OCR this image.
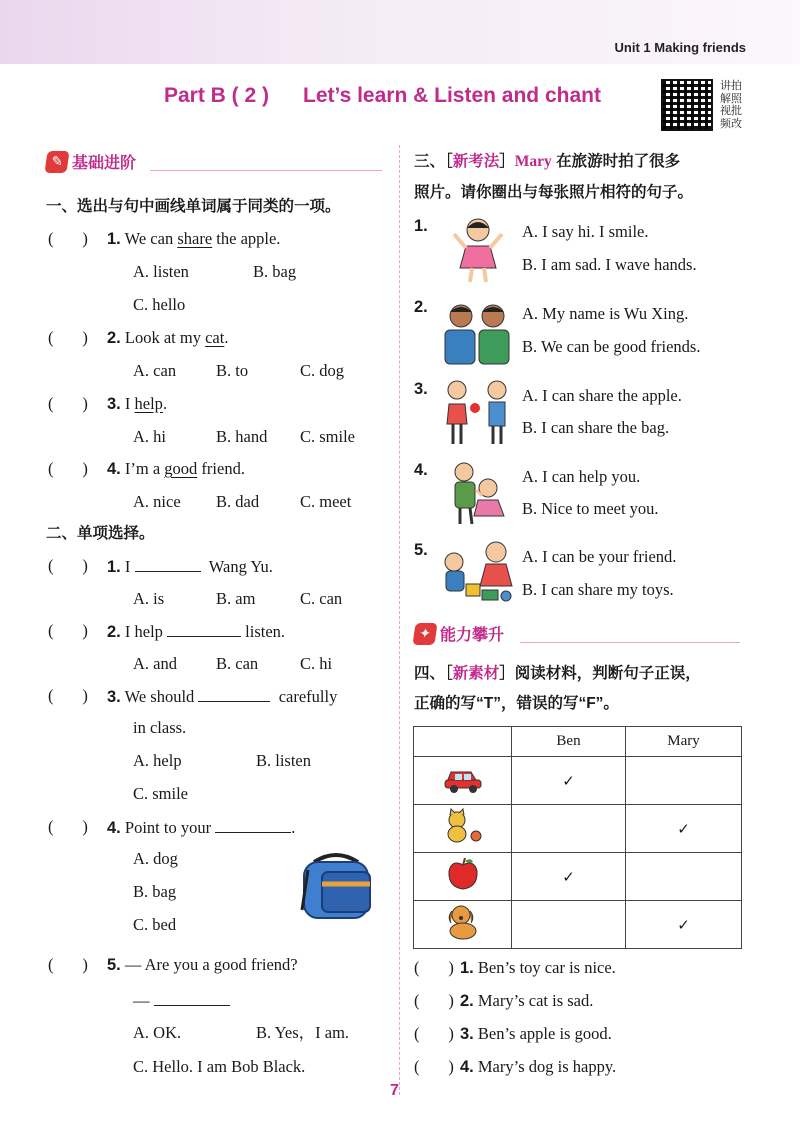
Unit 1 Making friends
Part B ( 2 ) Let’s learn & Listen and chant	讲拍解照视批频改
✎ 基础进阶
一、选出与句中画线单词属于同类的一项。
(       ) 1. We can share the apple.
A. listen	B. bag
C. hello
(       ) 2. Look at my cat.
A. can B. to	C. dog
(       ) 3. I help.
A. hi	B. hand C. smile
(       ) 4. I’m a good friend.
A. nice B. dad C. meet
二、单项选择。
(       ) 1. I	Wang Yu.
A. is	B. am	C. can
(       ) 2. I help	listen.
A. and B. can	C. hi
(       ) 3. We should	carefully
in class.
A. help	B. listen
C. smile
(       ) 4. Point to your	.
A. dog
B. bag
C. bed
(       ) 5. — Are you a good friend?
—
A. OK.	B. Yes，I am.
C. Hello. I am Bob Black.
三、［新考法］Mary 在旅游时拍了很多
照片。请你圈出与每张照片相符的句子。
1.	A. I say hi. I smile.
B. I am sad. I wave hands.
2.	A. My name is Wu Xing.
B. We can be good friends.
3.	A. I can share the apple.
B. I can share the bag.
4.	A. I can help you.
B. Nice to meet you.
5.	A. I can be your friend.
B. I can share my toys.
✦ 能力攀升
四、［新素材］阅读材料，判断句子正误，
正确的写“T”，错误的写“F”。
	Ben	Mary
	✓	
		✓
	✓	
		✓
(       ) 1. Ben’s toy car is nice.
(       ) 2. Mary’s cat is sad.
(       ) 3. Ben’s apple is good.
(       ) 4. Mary’s dog is happy.
7
